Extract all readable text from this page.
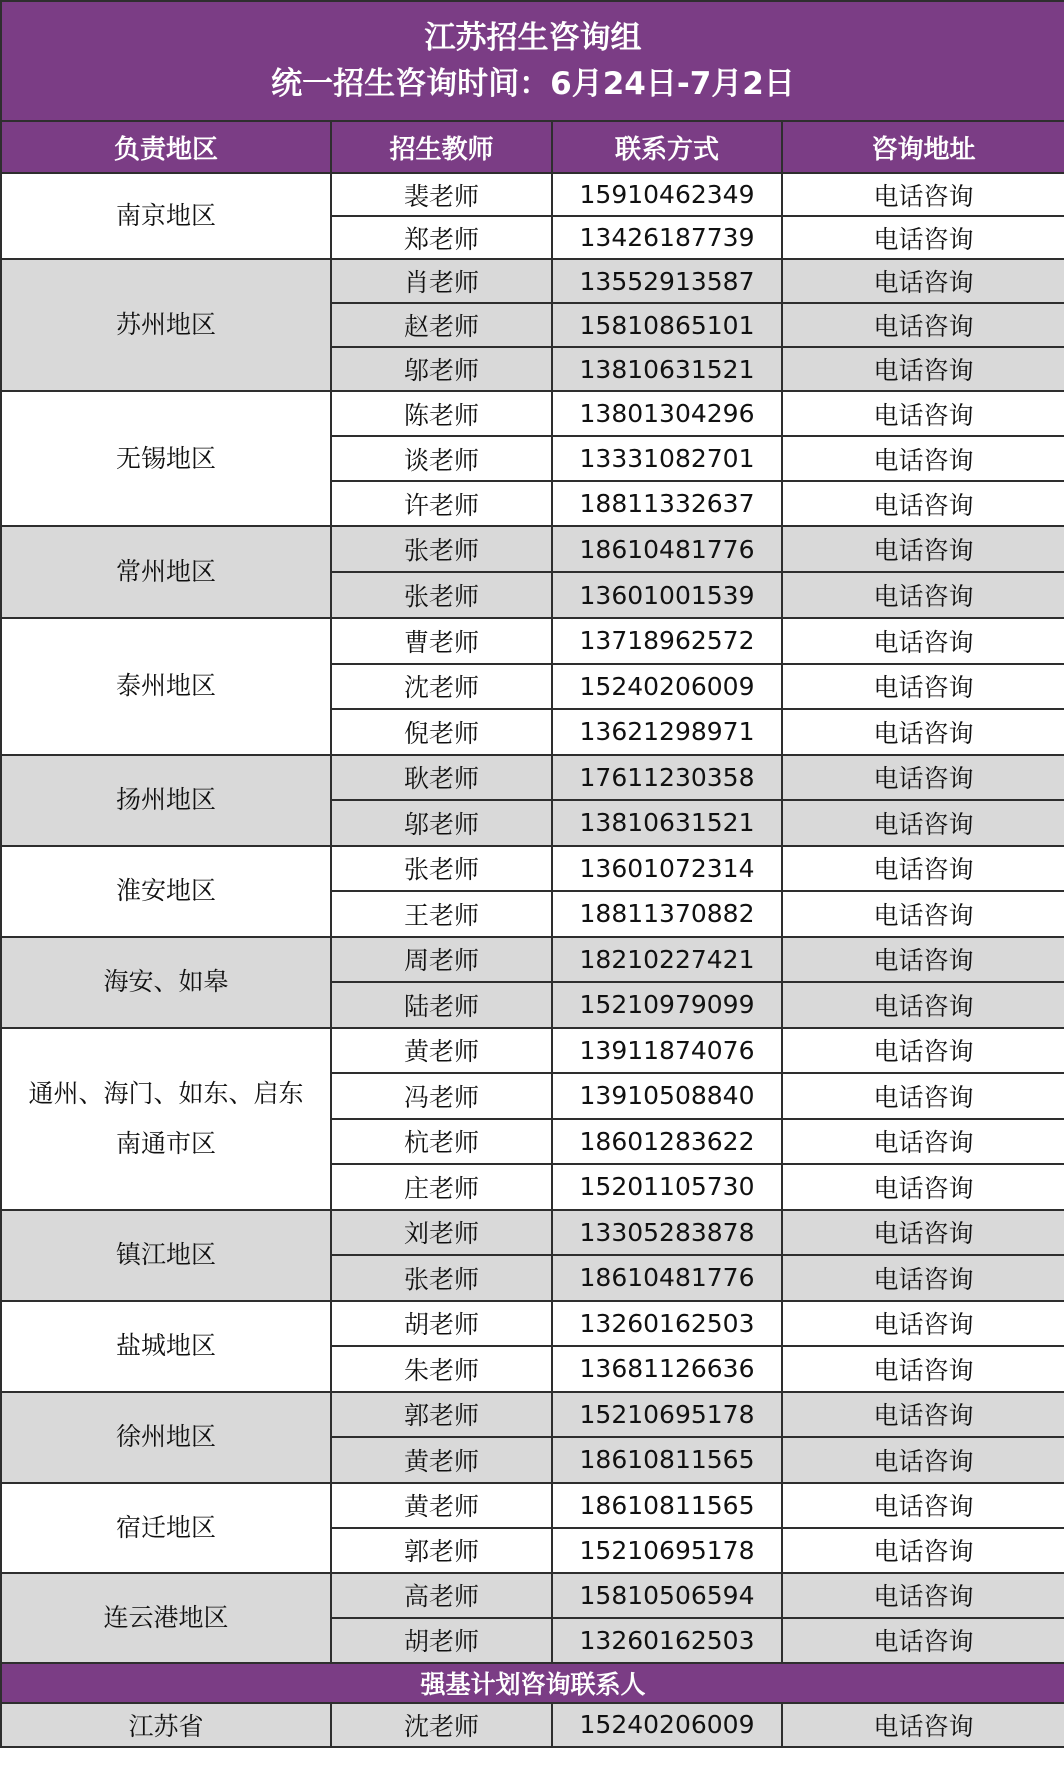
江苏招生咨询组
统一招生咨询时间：6月24日-7月2日			

负责地区	招生教师	联系方式	咨询地址

南京地区	裴老师	15910462349	电话咨询
	郑老师	13426187739	电话咨询

苏州地区	肖老师	13552913587	电话咨询
	赵老师	15810865101	电话咨询
	邬老师	13810631521	电话咨询

无锡地区	陈老师	13801304296	电话咨询
	谈老师	13331082701	电话咨询
	许老师	18811332637	电话咨询

常州地区	张老师	18610481776	电话咨询
	张老师	13601001539	电话咨询

泰州地区	曹老师	13718962572	电话咨询
	沈老师	15240206009	电话咨询
	倪老师	13621298971	电话咨询

扬州地区	耿老师	17611230358	电话咨询
	邬老师	13810631521	电话咨询

淮安地区	张老师	13601072314	电话咨询
	王老师	18811370882	电话咨询

海安、如皋	周老师	18210227421	电话咨询
	陆老师	15210979099	电话咨询

通州、海门、如东、启东
南通市区	黄老师	13911874076	电话咨询
	冯老师	13910508840	电话咨询
	杭老师	18601283622	电话咨询
	庄老师	15201105730	电话咨询

镇江地区	刘老师	13305283878	电话咨询
	张老师	18610481776	电话咨询

盐城地区	胡老师	13260162503	电话咨询
	朱老师	13681126636	电话咨询

徐州地区	郭老师	15210695178	电话咨询
	黄老师	18610811565	电话咨询

宿迁地区	黄老师	18610811565	电话咨询
	郭老师	15210695178	电话咨询

连云港地区	高老师	15810506594	电话咨询
	胡老师	13260162503	电话咨询
强基计划咨询联系人			
江苏省	沈老师	15240206009	电话咨询
